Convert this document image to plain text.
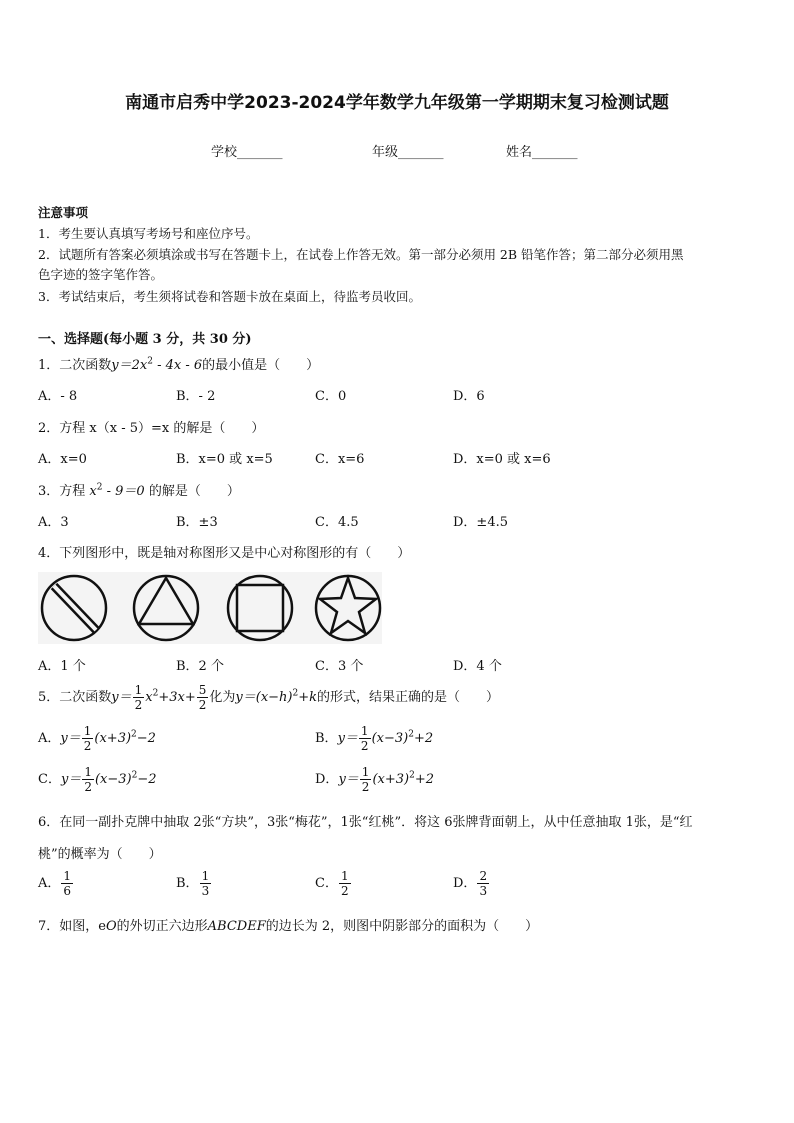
南通市启秀中学2023-2024学年数学九年级第一学期期末复习检测试题
学校_______	年级_______	姓名_______
注意事项
1．考生要认真填写考场号和座位序号。
2．试题所有答案必须填涂或书写在答题卡上，在试卷上作答无效。第一部分必须用 2B 铅笔作答；第二部分必须用黑
色字迹的签字笔作答。
3．考试结束后，考生须将试卷和答题卡放在桌面上，待监考员收回。
一、选择题(每小题 3 分，共 30 分)
1．二次函数$y=2x^2 - 4x - 6$的最小值是（　　）
A．- 8	B．- 2	C．0	D．6
2．方程 x（x - 5）=x 的解是（　　）
A．x=0	B．x=0 或 x=5	C．x=6	D．x=0 或 x=6
3．方程 $x^2 - 9=0$ 的解是（　　）
A．3	B．±3	C．4.5	D．±4.5
4．下列图形中，既是轴对称图形又是中心对称图形的有（　　）
A．1 个	B．2 个	C．3 个	D．4 个
5．二次函数$y= \frac{1}{2} x^2+3x+ \frac{5}{2}$ 化为$y=(x-h)^2+k$的形式，结果正确的是（　　）
A．$y= \frac{1}{2} (x+3)^2-2$	B．$y= \frac{1}{2} (x-3)^2+2$
C．$y= \frac{1}{2} (x-3)^2-2$	D．$y= \frac{1}{2} (x+3)^2+2$
6．在同一副扑克牌中抽取 2张“方块”，3张“梅花”，1张“红桃”．将这 6张牌背面朝上，从中任意抽取 1张，是“红
桃”的概率为（　　）
A． $\frac{1}{6}$	B． $\frac{1}{3}$	C． $\frac{1}{2}$	D． $\frac{2}{3}$
7．如图，eO的外切正六边形ABCDEF的边长为 2，则图中阴影部分的面积为（　　）
